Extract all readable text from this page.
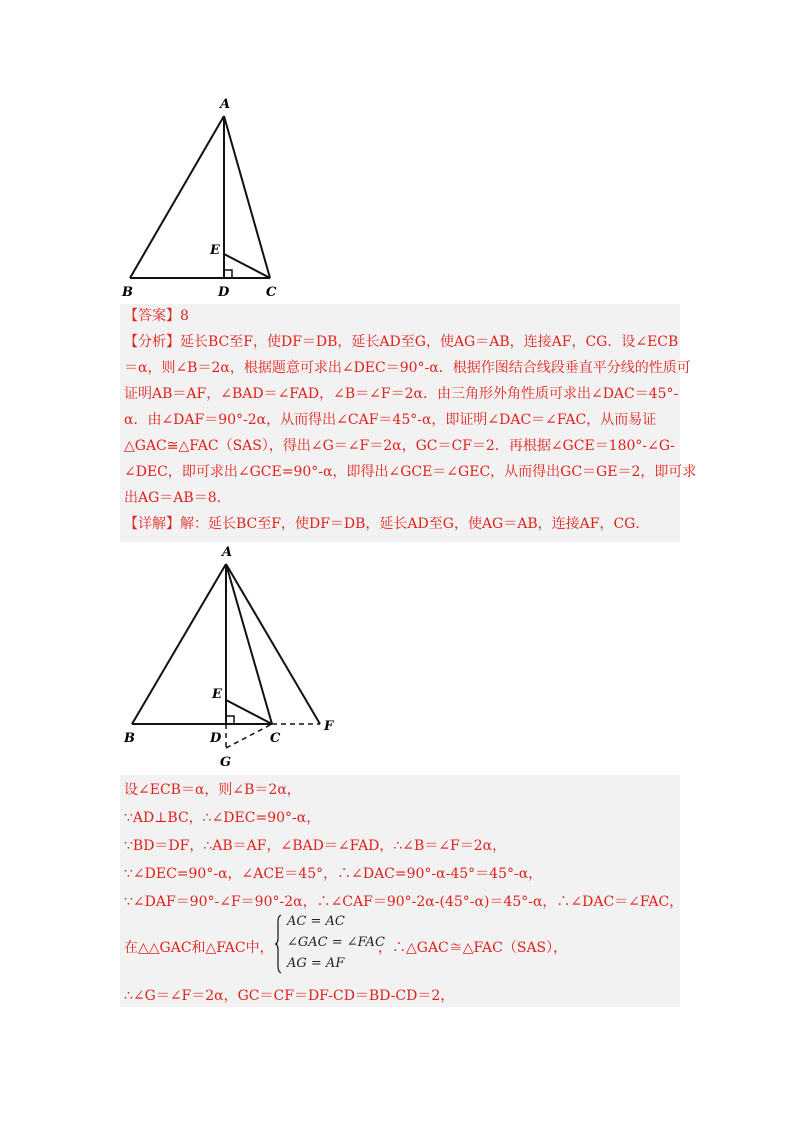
A
B	C
D
E
【答案】8
【分析】延长BC至F，使DF＝DB，延长AD至G，使AG＝AB，连接AF，CG．设∠ECB
＝α，则∠B＝2α，根据题意可求出∠DEC＝90°-α．根据作图结合线段垂直平分线的性质可
证明AB＝AF，∠BAD＝∠FAD，∠B＝∠F＝2α．由三角形外角性质可求出∠DAC＝45°-
α．由∠DAF＝90°-2α，从而得出∠CAF＝45°-α，即证明∠DAC＝∠FAC，从而易证
△GAC≅△FAC（SAS），得出∠G＝∠F＝2α，GC＝CF＝2．再根据∠GCE＝180°-∠G-
∠DEC，即可求出∠GCE=90°-α，即得出∠GCE＝∠GEC，从而得出GC＝GE＝2，即可求
出AG＝AB＝8．
【详解】解：延长BC至F，使DF＝DB，延长AD至G，使AG＝AB，连接AF，CG．
A
B	C
D
E
F
G
设∠ECB＝α，则∠B＝2α，
∵AD⊥BC，∴∠DEC=90°-α，
∵BD＝DF，∴AB＝AF，∠BAD＝∠FAD，∴∠B＝∠F＝2α，
∵∠DEC=90°-α，∠ACE＝45°，∴∠DAC=90°-α-45°＝45°-α，
∵∠DAF＝90°-∠F＝90°-2α，∴∠CAF＝90°-2α-(45°-α)＝45°-α，∴∠DAC＝∠FAC，
在△△GAC和△FAC中，
AC = AC
∠GAC = ∠FAC
AG = AF
，∴△GAC≅△FAC（SAS），
∴∠G＝∠F＝2α，GC＝CF＝DF-CD＝BD-CD＝2，
